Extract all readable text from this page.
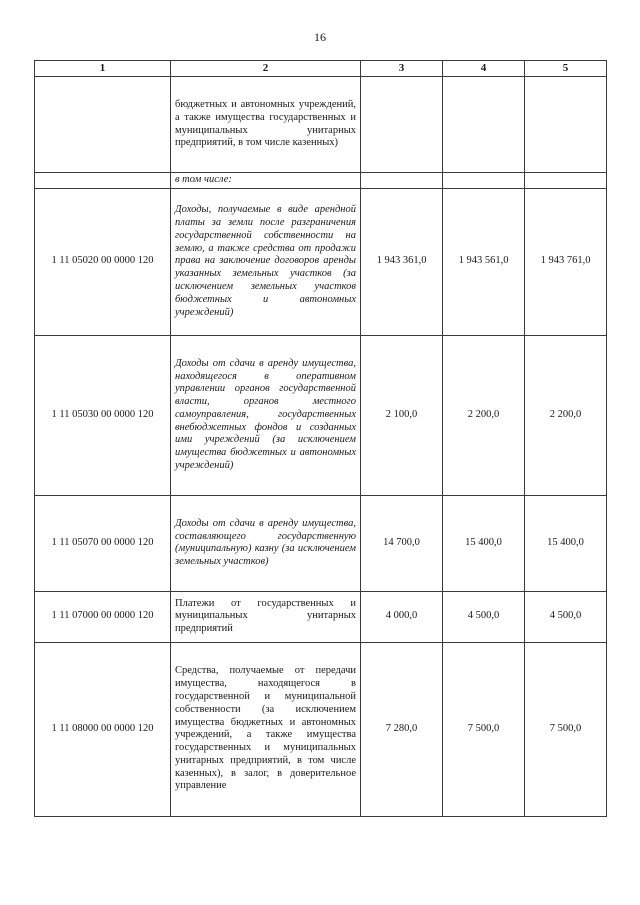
16
1	2	3	4	5
	бюджетных и автономных учреждений, а также имущества государственных и муниципальных унитарных предприятий, в том числе казенных)			
	в том числе:			
1 11 05020 00 0000 120	Доходы, получаемые в виде арендной платы за земли после разграничения государственной собственности на землю, а также средства от продажи права на заключение договоров аренды указанных земельных участков (за исключением земельных участков бюджетных и автономных учреждений)	1 943 361,0	1 943 561,0	1 943 761,0
1 11 05030 00 0000 120	Доходы от сдачи в аренду имущества, находящегося в оперативном управлении органов государственной власти, органов местного самоуправления, государственных внебюджетных фондов и созданных ими учреждений (за исключением имущества бюджетных и автономных учреждений)	2 100,0	2 200,0	2 200,0
1 11 05070 00 0000 120	Доходы от сдачи в аренду имущества, составляющего государственную (муниципальную) казну (за исключением земельных участков)	14 700,0	15 400,0	15 400,0
1 11 07000 00 0000 120	Платежи от государственных и муниципальных унитарных предприятий	4 000,0	4 500,0	4 500,0
1 11 08000 00 0000 120	Средства, получаемые от передачи имущества, находящегося в государственной и муниципальной собственности (за исключением имущества бюджетных и автономных учреждений, а также имущества государственных и муниципальных унитарных предприятий, в том числе казенных), в залог, в доверительное управление	7 280,0	7 500,0	7 500,0
